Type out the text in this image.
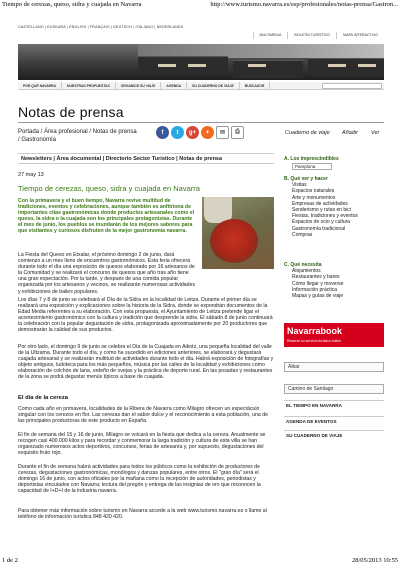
Tiempo de cerezas, queso, sidra y cuajada en Navarra	http://www.turismo.navarra.es/esp/profesionales/notas-prensa/Gastron...
CASTELLANO | EUSKARA | ENGLISH | FRANÇAIS | DEUTSCH | ITALIANO | NEDERLANDS
MULTIMEDIA	BOLETÍN TURÍSTICO	MAPA INTERACTIVO
POR QUÉ NAVARRA	NUESTRAS PROPUESTAS	ORGANICE SU VIAJE	AGENDA	SU CUADERNO DE VIAJE	BUSCADOR
Notas de prensa
Portada / Área profesional / Notas de prensa / Gastronomía
f	t	g+	+	✉	⎙	Cuaderno de viaje Añadir Ver
Newsletters | Área documental | Directorio Sector Turístico | Notas de prensa
27 may 13
Tiempo de cerezas, queso, sidra y cuajada en Navarra
Con la primavera y el buen tiempo, Navarra revive multitud de tradiciones, eventos y celebraciones, aunque también es anfitriona de importantes citas gastronómicas donde productos artesanales como el queso, la sidra o la cuajada son los principales protagonistas. Durante el mes de junio, los pueblos se inundarán de los mejores sabores para que visitantes y curiosos disfruten de la mejor gastronomía navarra.
La Fiesta del Queso en Etxalar, el próximo domingo 2 de junio, dará comienzo a un mes lleno de encuentros gastronómicos. Esta feria ofrecerá durante todo el día una exposición de quesos elaborado por 16 artesanos de la Comunidad y se realizará el concurso de quesos que año tras año tiene una gran expectación. Por la tarde, y después de una comida popular organizada por los artesanos y vecinos, se realizarán numerosas actividades y exhibiciones de bailes populares.
Los días 7 y 8 de junio se celebrará el Día de la Sidra en la localidad de Leitza. Durante el primer día se realizará una exposición y explicaciones sobre la historia de la Sidra, donde se expondrán documentos de la Edad Media referentes a su elaboración. Con esta propuesta, el Ayuntamiento de Leitza pretende ligar el acontecimiento gastronómico con la cultura y tradición que desprende la sidra. El sábado 8 de junio continuará la celebración con la popular degustación de sidra, protagonizada aproximadamente por 20 productores que demostrarán la calidad de sus productos.
Por otro lado, el domingo 9 de junio se celebra el Día de la Cuajada en Aikotz, una pequeña localidad del valle de la Ultzama. Durante todo el día, y como ha sucedido en ediciones anteriores, se elaborará y degustará cuajada artesanal y se realizarán multitud de actividades durante todo el día. Habrá exposición de fotografías y objeto antiguos, ludoteca para los más pequeños, música por las calles de la localidad y exhibiciones como elaboración de colchón de lana, ordeño de ovejas y la práctica de deporte rural. En las posadas y restaurantes de la zona se podrá degustar menús típicos a base de cuajada.
El día de la cereza
Como cada año en primavera, localidades de la Ribera de Navarra como Milagro ofrecen un espectáculo singular con los cerezos en flor. Las cerezas dan el sabor dulce y el reconocimiento a esta población, una de las principales productoras de este producto en España.
El fin de semana del 15 y 16 de junio, Milagro se volcará en la fiesta que dedica a la cereza. Anualmente se recogen casi 400.000 kilos y para recordar y conmemorar la larga tradición y cultura de esta villa se han organizado numerosos actos deportivos, concursos, ferias de artesanía y, por supuesto, degustaciones del exquisito fruto rojo.
Durante el fin de semana habrá actividades para todos los públicos como la exhibición de productores de cerezas, degustaciones gastronómicas, monólogos y danzas populares, entre otros. El "gran día" será el domingo 16 de junio, con actos oficiales por la mañana como la recepción de autoridades, periodistas y deportistas vinculados con Navarra; lectura del pregón y entrega de las insignias de oro que reconocen la capacidad de I+D+I de la industria navarra.
Para obtener más información sobre turismo en Navarra accede a la web www.turismo.navarra.es o llame al teléfono de información turística 848 420 420.
A. Los imprescindibles
Pamplona
B. Qué ver y hacer
Visitas
Espacios naturales
Arte y monumentos
Empresas de actividades
Senderismo y rutas en bici
Fiestas, tradiciones y eventos
Espacios de ocio y cultura
Gastronomía tradicional
Compras
C. Qué necesita
Alojamientos
Restaurantes y bares
Cómo llegar y moverse
Información práctica
Mapas y guías de viaje
Navarrabook
Reserve su servicio turístico online
Aibar
Camino de Santiago
EL TIEMPO EN NAVARRA
AGENDA DE EVENTOS
SU CUADERNO DE VIAJE
1 de 2	28/05/2013 10:55
